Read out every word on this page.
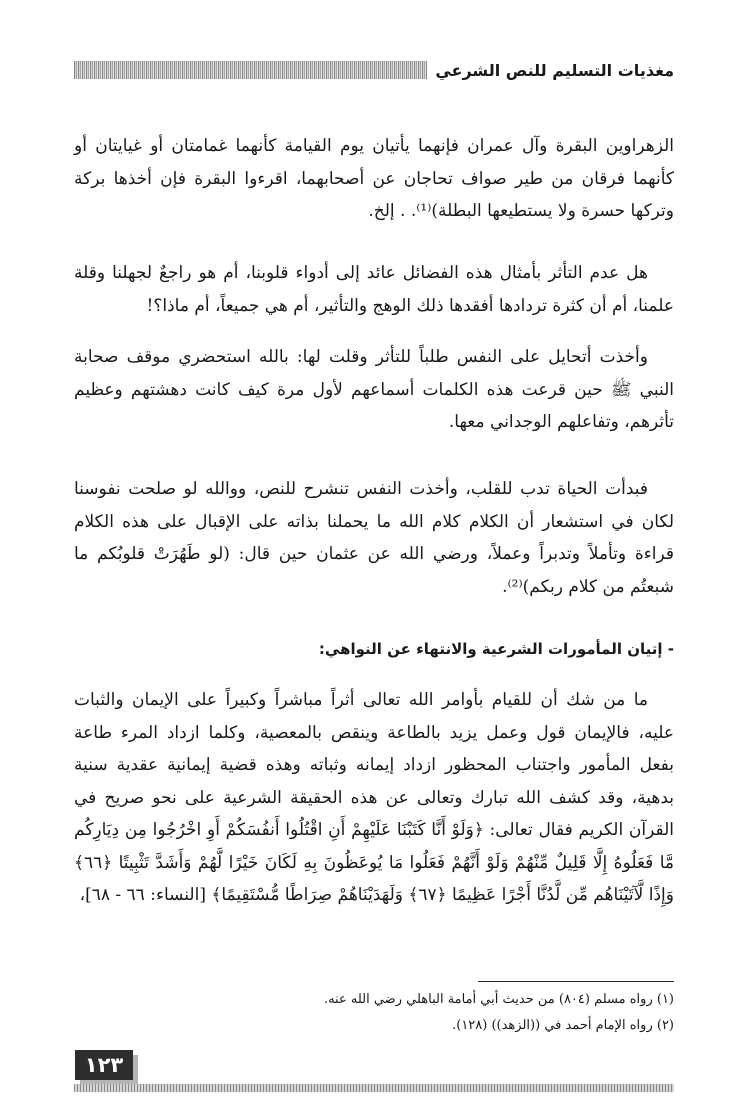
مغذيات التسليم للنص الشرعي

الزهراوين البقرة وآل عمران فإنهما يأتيان يوم القيامة كأنهما غمامتان أو غيايتان أو كأنهما فرقان من طير صواف تحاجان عن أصحابهما، اقرءوا البقرة فإن أخذها بركة وتركها حسرة ولا يستطيعها البطلة)⁽¹⁾. . إلخ.

هل عدم التأثر بأمثال هذه الفضائل عائد إلى أدواء قلوبنا، أم هو راجعٌ لجهلنا وقلة علمنا، أم أن كثرة تردادها أفقدها ذلك الوهج والتأثير، أم هي جميعاً، أم ماذا؟!

وأخذت أتحايل على النفس طلباً للتأثر وقلت لها: بالله استحضري موقف صحابة النبي ﷺ حين قرعت هذه الكلمات أسماعهم لأول مرة كيف كانت دهشتهم وعظيم تأثرهم، وتفاعلهم الوجداني معها.

فبدأت الحياة تدب للقلب، وأخذت النفس تنشرح للنص، ووالله لو صلحت نفوسنا لكان في استشعار أن الكلام كلام الله ما يحملنا بذاته على الإقبال على هذه الكلام قراءة وتأملاً وتدبراً وعملاً، ورضي الله عن عثمان حين قال: (لو طَهُرَتْ قلوبُكم ما شبعتُم من كلام ربكم)⁽²⁾.

- إتيان المأمورات الشرعية والانتهاء عن النواهي:

ما من شك أن للقيام بأوامر الله تعالى أثراً مباشراً وكبيراً على الإيمان والثبات عليه، فالإيمان قول وعمل يزيد بالطاعة وينقص بالمعصية، وكلما ازداد المرء طاعة بفعل المأمور واجتناب المحظور ازداد إيمانه وثباته وهذه قضية إيمانية عقدية سنية بدهية، وقد كشف الله تبارك وتعالى عن هذه الحقيقة الشرعية على نحو صريح في القرآن الكريم فقال تعالى: ﴿وَلَوْ أَنَّا كَتَبْنَا عَلَيْهِمْ أَنِ اقْتُلُوا أَنفُسَكُمْ أَوِ اخْرُجُوا مِن دِيَارِكُم مَّا فَعَلُوهُ إِلَّا قَلِيلٌ مِّنْهُمْ وَلَوْ أَنَّهُمْ فَعَلُوا مَا يُوعَظُونَ بِهِ لَكَانَ خَيْرًا لَّهُمْ وَأَشَدَّ تَثْبِيتًا ﴿٦٦﴾ وَإِذًا لَّآتَيْنَاهُم مِّن لَّدُنَّا أَجْرًا عَظِيمًا ﴿٦٧﴾ وَلَهَدَيْنَاهُمْ صِرَاطًا مُّسْتَقِيمًا﴾ [النساء: ٦٦ - ٦٨]،

(١) رواه مسلم (٨٠٤) من حديث أبي أمامة الباهلي رضي الله عنه.

(٢) رواه الإمام أحمد في ((الزهد)) (١٢٨).

١٢٣
